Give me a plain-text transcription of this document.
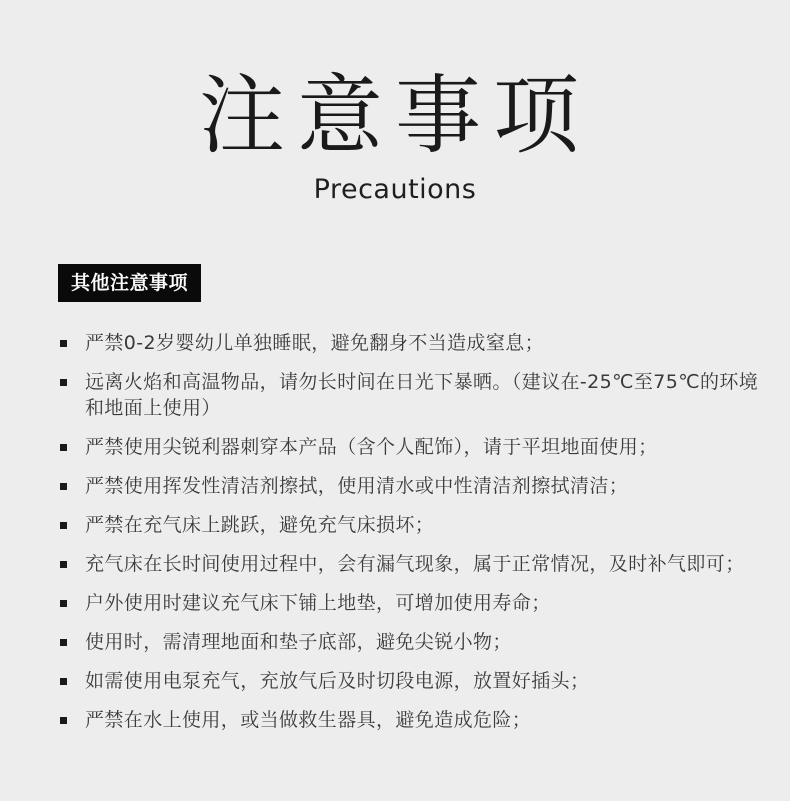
注意事项
Precautions
其他注意事项
严禁0-2岁婴幼儿单独睡眠，避免翻身不当造成窒息；
远离火焰和高温物品，请勿长时间在日光下暴晒。（建议在-25℃至75℃的环境和地面上使用）
严禁使用尖锐利器刺穿本产品（含个人配饰），请于平坦地面使用；
严禁使用挥发性清洁剂擦拭，使用清水或中性清洁剂擦拭清洁；
严禁在充气床上跳跃，避免充气床损坏；
充气床在长时间使用过程中，会有漏气现象，属于正常情况，及时补气即可；
户外使用时建议充气床下铺上地垫，可增加使用寿命；
使用时，需清理地面和垫子底部，避免尖锐小物；
如需使用电泵充气，充放气后及时切段电源，放置好插头；
严禁在水上使用，或当做救生器具，避免造成危险；
